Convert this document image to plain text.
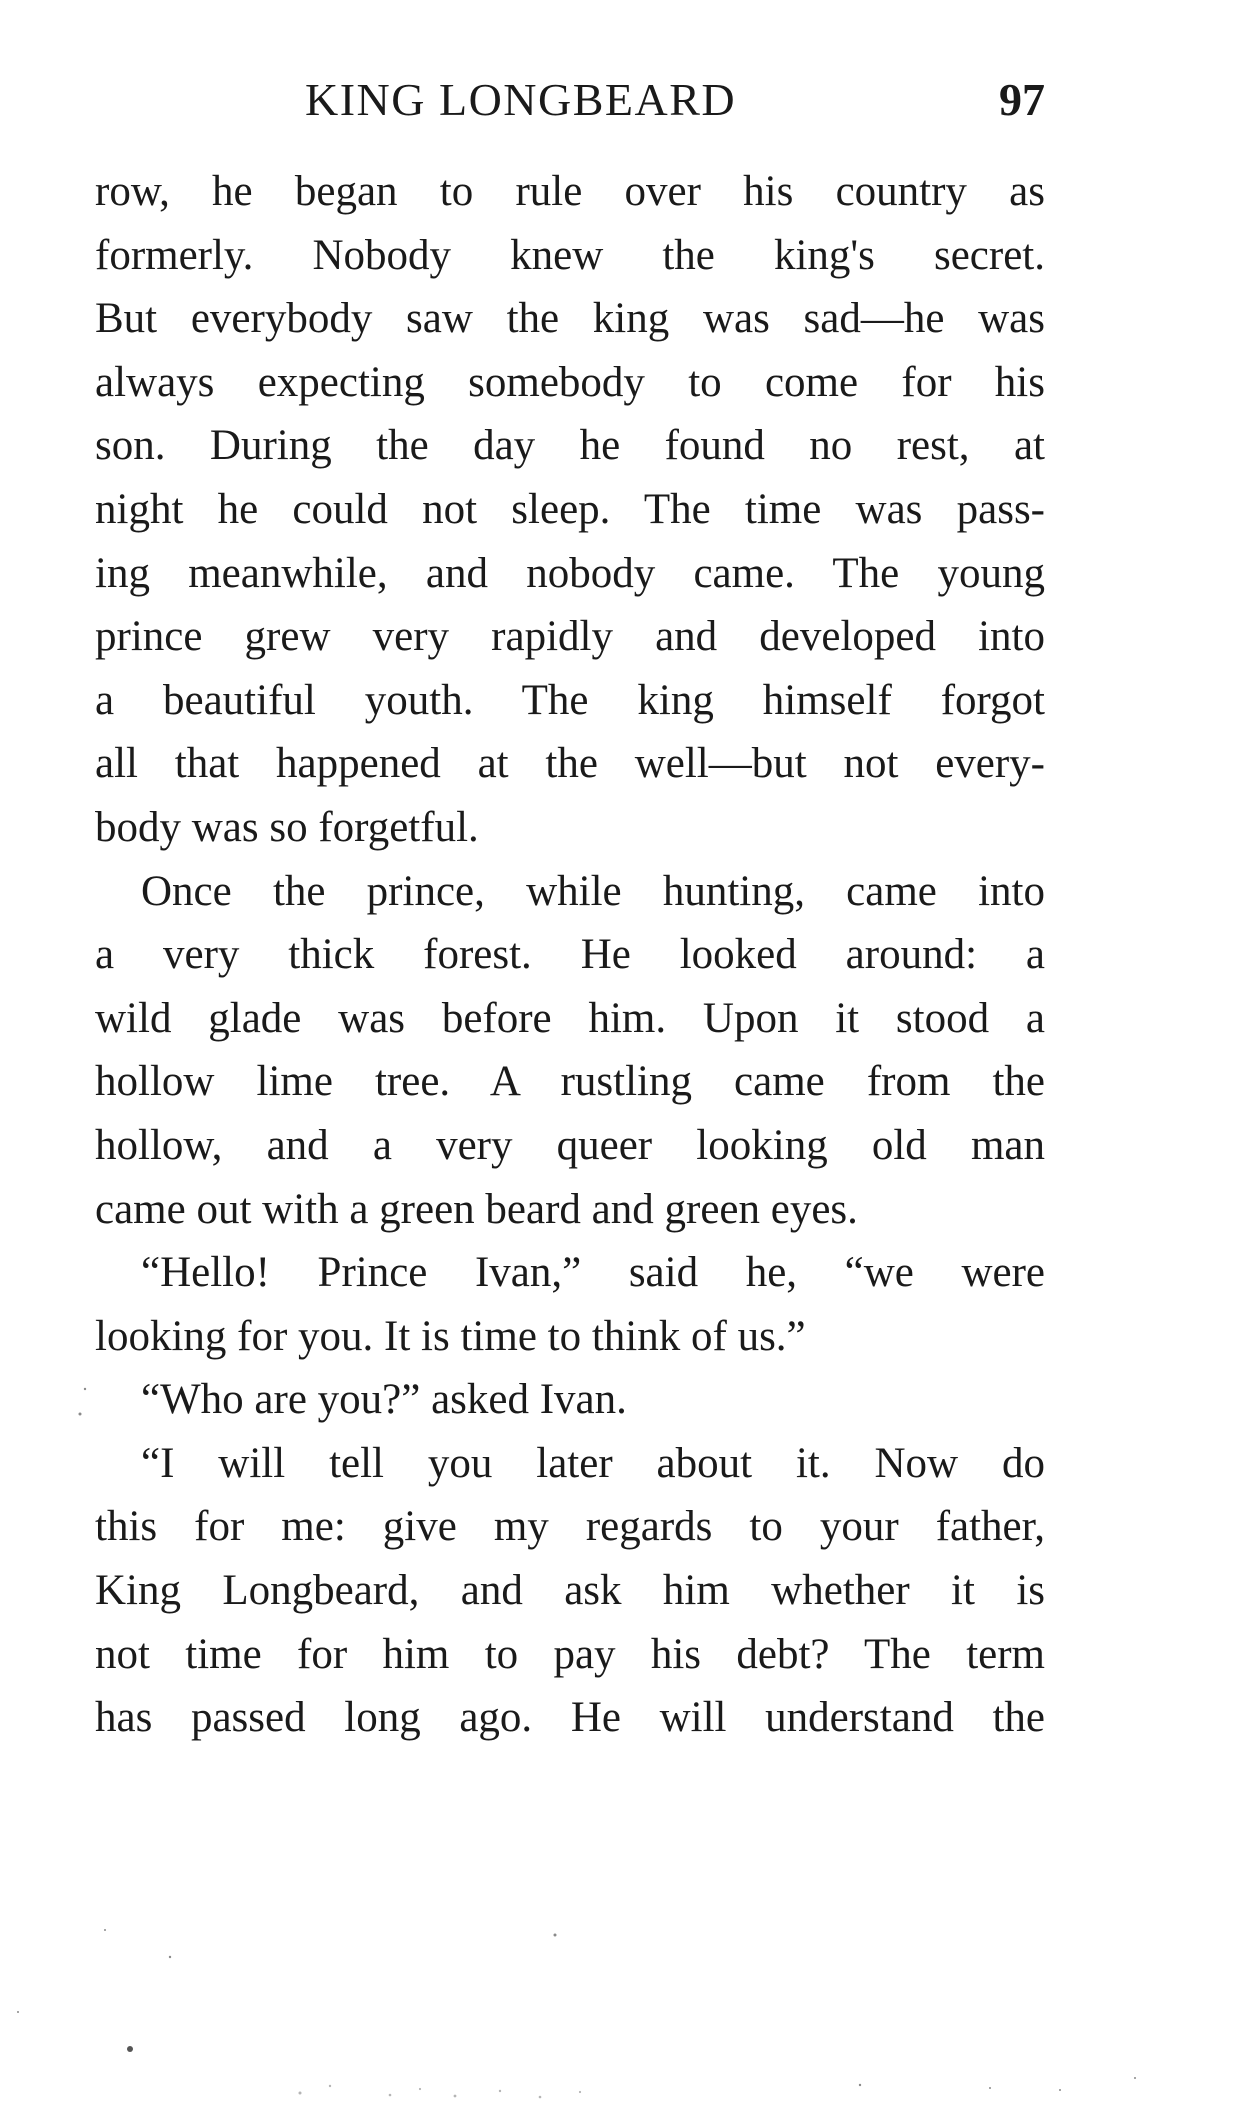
KING LONGBEARD	97

row, he began to rule over his country as
formerly. Nobody knew the king's secret.
But everybody saw the king was sad—he was
always expecting somebody to come for his
son. During the day he found no rest, at
night he could not sleep. The time was pass-
ing meanwhile, and nobody came. The young
prince grew very rapidly and developed into
a beautiful youth. The king himself forgot
all that happened at the well—but not every-
body was so forgetful.

Once the prince, while hunting, came into
a very thick forest. He looked around: a
wild glade was before him. Upon it stood a
hollow lime tree. A rustling came from the
hollow, and a very queer looking old man
came out with a green beard and green eyes.

“Hello! Prince Ivan,” said he, “we were
looking for you. It is time to think of us.”

“Who are you?” asked Ivan.

“I will tell you later about it. Now do
this for me: give my regards to your father,
King Longbeard, and ask him whether it is
not time for him to pay his debt? The term
has passed long ago. He will understand the
